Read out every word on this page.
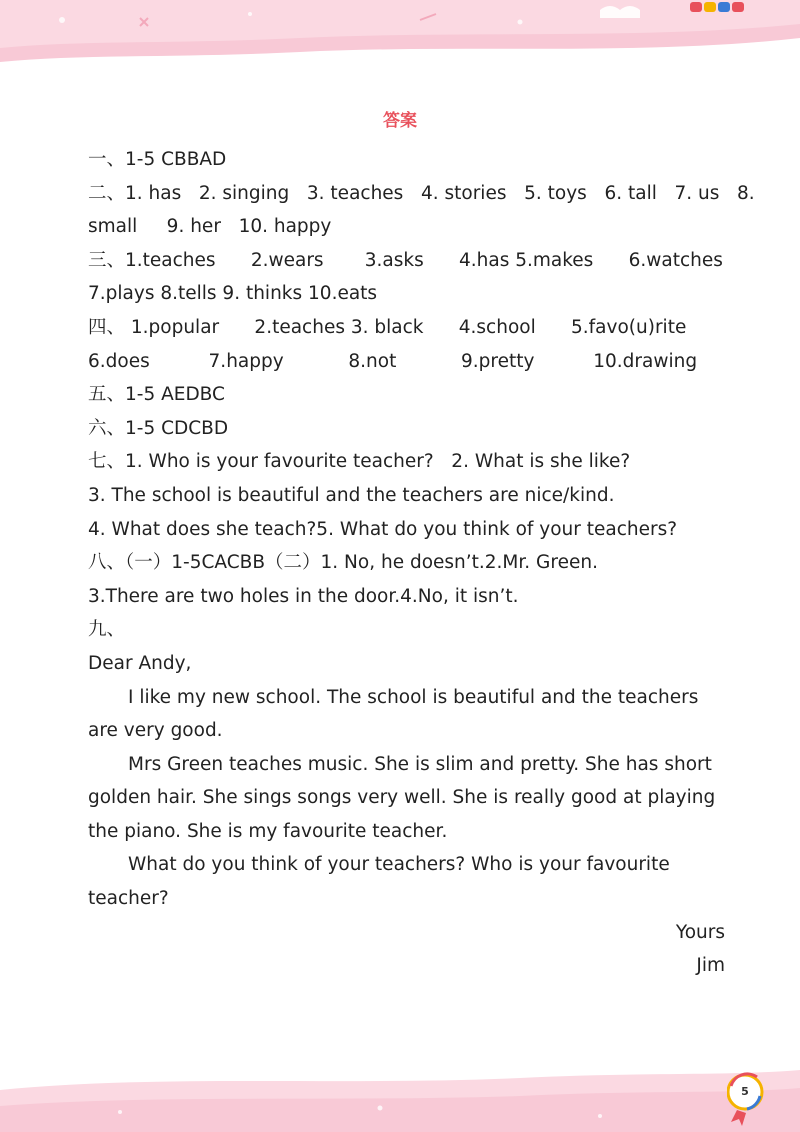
答案
一、1-5 CBBAD
二、1. has   2. singing   3. teaches   4. stories   5. toys   6. tall   7. us   8.
small     9. her   10. happy
三、1.teaches      2.wears       3.asks      4.has 5.makes      6.watches
7.plays 8.tells 9. thinks 10.eats
四、 1.popular      2.teaches 3. black      4.school      5.favo(u)rite
6.does          7.happy           8.not           9.pretty          10.drawing
五、1-5 AEDBC
六、1-5 CDCBD
七、1. Who is your favourite teacher?   2. What is she like?
3. The school is beautiful and the teachers are nice/kind.
4. What does she teach?5. What do you think of your teachers?
八、（一）1-5CACBB（二）1. No, he doesn’t.2.Mr. Green.
3.There are two holes in the door.4.No, it isn’t.
九、
Dear Andy,
I like my new school. The school is beautiful and the teachers
are very good.
Mrs Green teaches music. She is slim and pretty. She has short
golden hair. She sings songs very well. She is really good at playing
the piano. She is my favourite teacher.
What do you think of your teachers? Who is your favourite
teacher?
Yours
Jim
5
